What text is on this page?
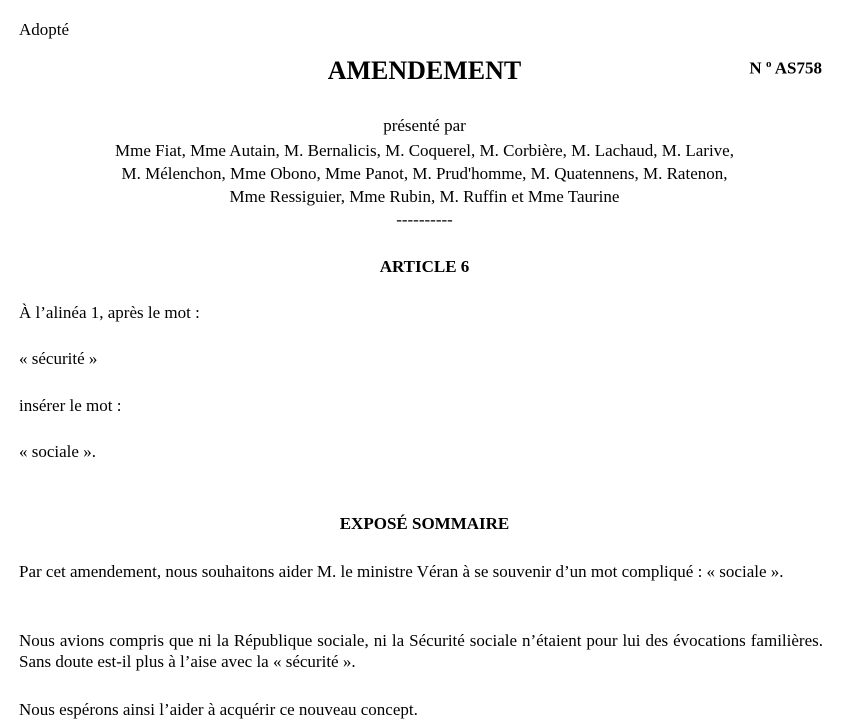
Adopté
AMENDEMENT	N $^o$ AS758
présenté par
Mme Fiat, Mme Autain, M. Bernalicis, M. Coquerel, M. Corbière, M. Lachaud, M. Larive,
M. Mélenchon, Mme Obono, Mme Panot, M. Prud'homme, M. Quatennens, M. Ratenon,
Mme Ressiguier, Mme Rubin, M. Ruffin et Mme Taurine
----------
ARTICLE 6
À l’alinéa 1, après le mot :
« sécurité »
insérer le mot :
« sociale ».
EXPOSÉ SOMMAIRE
Par cet amendement, nous souhaitons aider M. le ministre Véran à se souvenir d’un mot compliqué : « sociale ».
Nous avions compris que ni la République sociale, ni la Sécurité sociale n’étaient pour lui des évocations familières. Sans doute est-il plus à l’aise avec la « sécurité ».
Nous espérons ainsi l’aider à acquérir ce nouveau concept.
